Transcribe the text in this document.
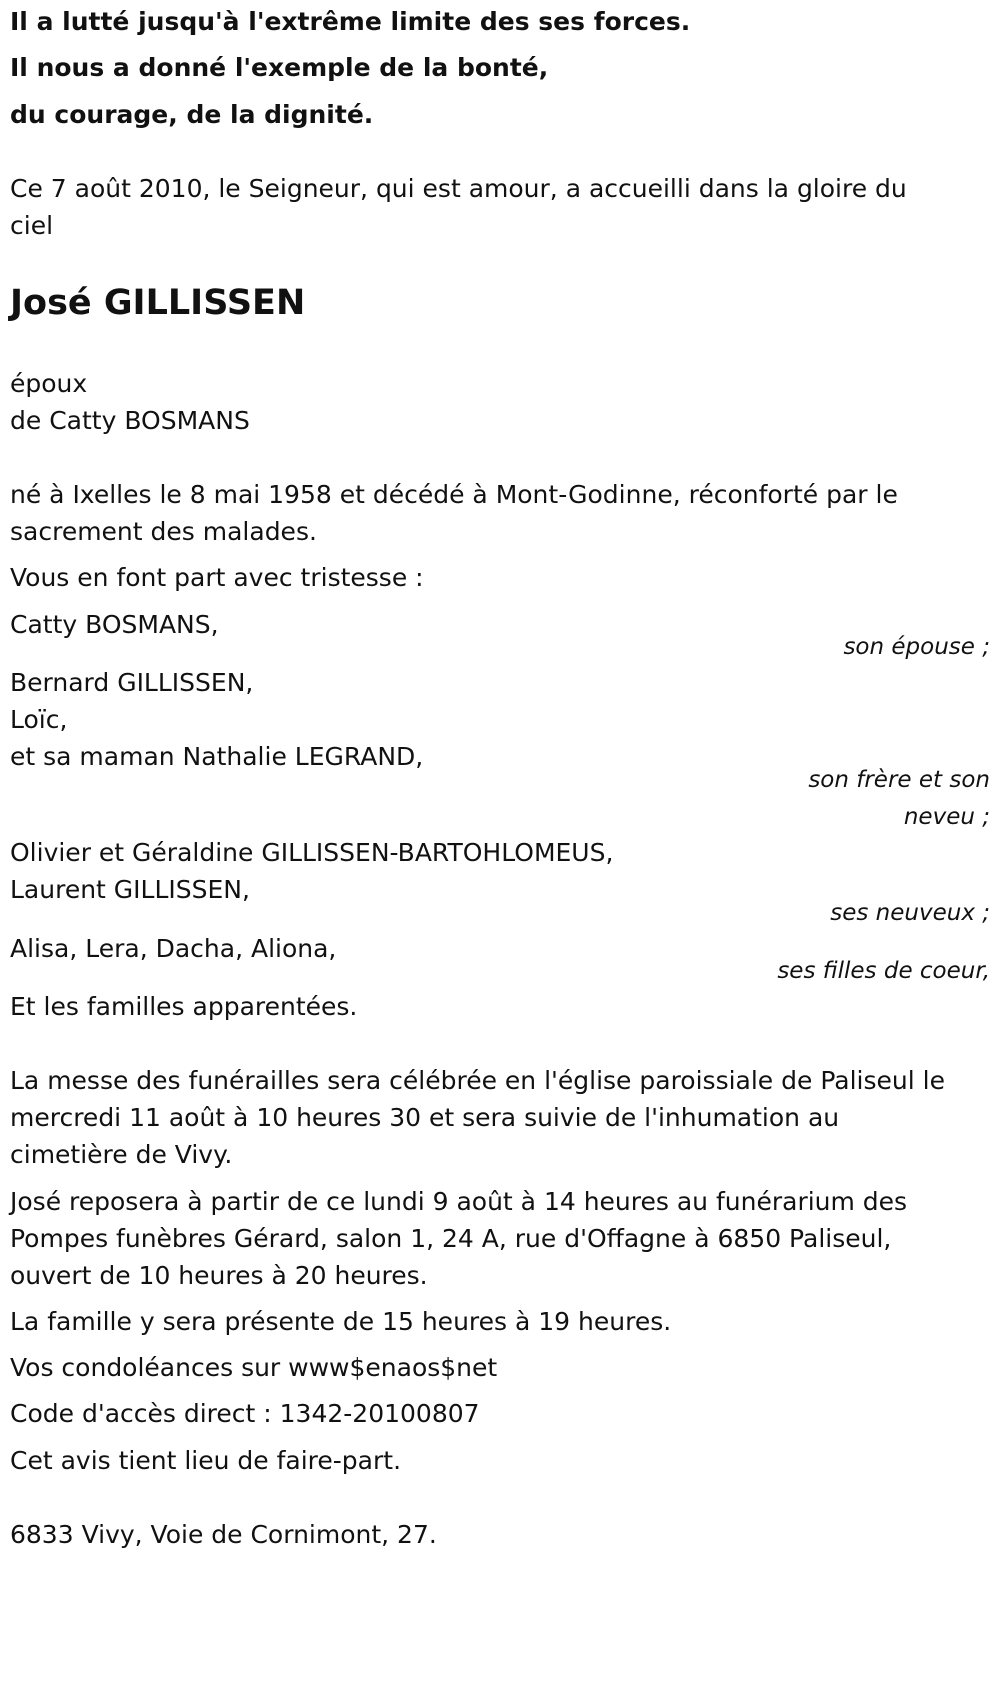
Il a lutté jusqu'à l'extrême limite des ses forces.
Il nous a donné l'exemple de la bonté,
du courage, de la dignité.
Ce 7 août 2010, le Seigneur, qui est amour, a accueilli dans la gloire du
ciel
José GILLISSEN
époux
de Catty BOSMANS
né à Ixelles le 8 mai 1958 et décédé à Mont-Godinne, réconforté par le
sacrement des malades.
Vous en font part avec tristesse :
Catty BOSMANS,
son épouse ;
Bernard GILLISSEN,
Loïc,
et sa maman Nathalie LEGRAND,
son frère et son
neveu ;
Olivier et Géraldine GILLISSEN-BARTOHLOMEUS,
Laurent GILLISSEN,
ses neuveux ;
Alisa, Lera, Dacha, Aliona,
ses filles de coeur,
Et les familles apparentées.
La messe des funérailles sera célébrée en l'église paroissiale de Paliseul le
mercredi 11 août à 10 heures 30 et sera suivie de l'inhumation au
cimetière de Vivy.
José reposera à partir de ce lundi 9 août à 14 heures au funérarium des
Pompes funèbres Gérard, salon 1, 24 A, rue d'Offagne à 6850 Paliseul,
ouvert de 10 heures à 20 heures.
La famille y sera présente de 15 heures à 19 heures.
Vos condoléances sur www$enaos$net
Code d'accès direct : 1342-20100807
Cet avis tient lieu de faire-part.
6833 Vivy, Voie de Cornimont, 27.
